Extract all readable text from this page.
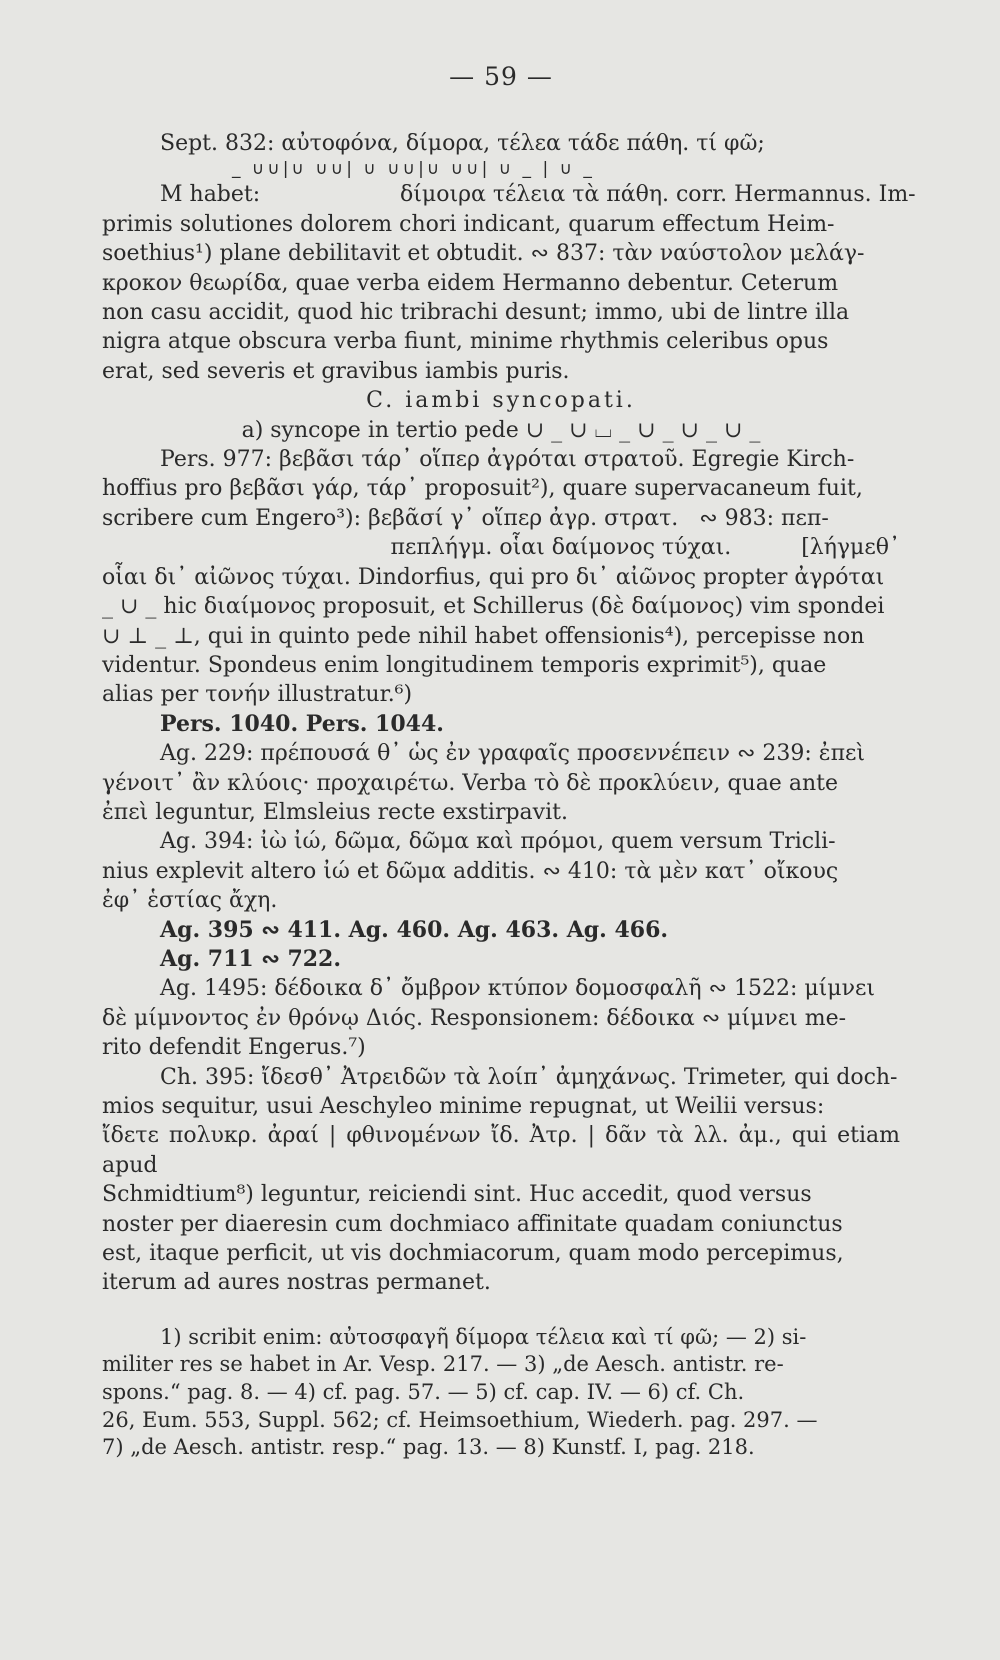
— 59 —

Sept. 832: αὐτοφόνα, δίμορα, τέλεα τάδε πάθη. τί φῶ;

_ ∪∪|∪ ∪∪| ∪ ∪∪|∪ ∪∪| ∪ _ | ∪ _

M habet:                    δίμοιρα τέλεια τὰ πάθη. corr. Hermannus. Im-

primis solutiones dolorem chori indicant, quarum effectum Heim-

soethius¹) plane debilitavit et obtudit. ∾ 837: τὰν ναύστολον μελάγ-

κροκον θεωρίδα, quae verba eidem Hermanno debentur. Ceterum

non casu accidit, quod hic tribrachi desunt; immo, ubi de lintre illa

nigra atque obscura verba fiunt, minime rhythmis celeribus opus

erat, sed severis et gravibus iambis puris.

C. iambi syncopati.

a) syncope in tertio pede ∪ _ ∪ ⌴ _ ∪ _ ∪ _ ∪ _

Pers. 977: βεβᾶσι τάρ᾽ οἵπερ ἀγρόται στρατοῦ. Egregie Kirch-

hoffius pro βεβᾶσι γάρ, τάρ᾽ proposuit²), quare supervacaneum fuit,

scribere cum Engero³): βεβᾶσί γ᾽ οἵπερ ἀγρ. στρατ.   ∾ 983: πεπ-

πεπλήγμ. οἷαι δαίμονος τύχαι.          [λήγμεθ᾽

οἷαι δι᾽ αἰῶνος τύχαι. Dindorfius, qui pro δι᾽ αἰῶνος propter ἀγρόται

_ ∪ _ hic διαίμονος proposuit, et Schillerus (δὲ δαίμονος) vim spondei

∪ ⊥ _ ⊥, qui in quinto pede nihil habet offensionis⁴), percepisse non

videntur. Spondeus enim longitudinem temporis exprimit⁵), quae

alias per τονήν illustratur.⁶)

Pers. 1040. Pers. 1044.

Ag. 229: πρέπουσά θ᾽ ὡς ἐν γραφαῖς προσεννέπειν ∾ 239: ἐπεὶ

γένοιτ᾽ ἂν κλύοις· προχαιρέτω. Verba τὸ δὲ προκλύειν, quae ante

ἐπεὶ leguntur, Elmsleius recte exstirpavit.

Ag. 394: ἰὼ ἰώ, δῶμα, δῶμα καὶ πρόμοι, quem versum Tricli-

nius explevit altero ἰώ et δῶμα additis. ∾ 410: τὰ μὲν κατ᾽ οἴκους

ἐφ᾽ ἑστίας ἄχη.

Ag. 395 ∾ 411. Ag. 460. Ag. 463. Ag. 466.

Ag. 711 ∾ 722.

Ag. 1495: δέδοικα δ᾽ ὄμβρον κτύπον δομοσφαλῆ ∾ 1522: μίμνει

δὲ μίμνοντος ἐν θρόνῳ Διός. Responsionem: δέδοικα ∾ μίμνει me-

rito defendit Engerus.⁷)

Ch. 395: ἴδεσθ᾽ Ἀτρειδῶν τὰ λοίπ᾽ ἀμηχάνως. Trimeter, qui doch-

mios sequitur, usui Aeschyleo minime repugnat, ut Weilii versus:

ἴδετε πολυκρ. ἀραί | φθινομένων ἴδ. Ἀτρ. | δᾶν τὰ λλ. ἀμ., qui etiam apud

Schmidtium⁸) leguntur, reiciendi sint. Huc accedit, quod versus

noster per diaeresin cum dochmiaco affinitate quadam coniunctus

est, itaque perficit, ut vis dochmiacorum, quam modo percepimus,

iterum ad aures nostras permanet.

1) scribit enim: αὐτοσφαγῆ δίμορα τέλεια καὶ τί φῶ; — 2) si-

militer res se habet in Ar. Vesp. 217. — 3) „de Aesch. antistr. re-

spons.“ pag. 8. — 4) cf. pag. 57. — 5) cf. cap. IV. — 6) cf. Ch.

26, Eum. 553, Suppl. 562; cf. Heimsoethium, Wiederh. pag. 297. —

7) „de Aesch. antistr. resp.“ pag. 13. — 8) Kunstf. I, pag. 218.
